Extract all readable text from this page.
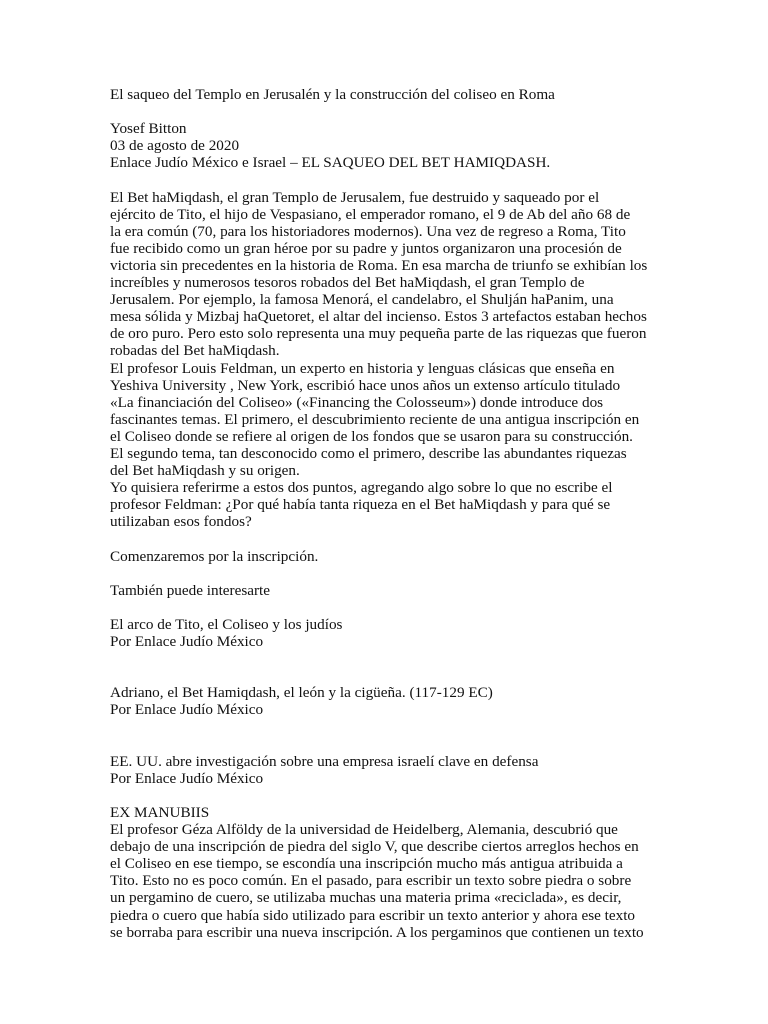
El saqueo del Templo en Jerusalén y la construcción del coliseo en Roma

Yosef Bitton
03 de agosto de 2020
Enlace Judío México e Israel – EL SAQUEO DEL BET HAMIQDASH.
El Bet haMiqdash, el gran Templo de Jerusalem, fue destruido y saqueado por el
ejército de Tito, el hijo de Vespasiano, el emperador romano, el 9 de Ab del año 68 de
la era común (70, para los historiadores modernos). Una vez de regreso a Roma, Tito
fue recibido como un gran héroe por su padre y juntos organizaron una procesión de
victoria sin precedentes en la historia de Roma. En esa marcha de triunfo se exhibían los
increíbles y numerosos tesoros robados del Bet haMiqdash, el gran Templo de
Jerusalem. Por ejemplo, la famosa Menorá, el candelabro, el Shulján haPanim, una
mesa sólida y Mizbaj haQuetoret, el altar del incienso. Estos 3 artefactos estaban hechos
de oro puro. Pero esto solo representa una muy pequeña parte de las riquezas que fueron
robadas del Bet haMiqdash.
El profesor Louis Feldman, un experto en historia y lenguas clásicas que enseña en
Yeshiva University , New York, escribió hace unos años un extenso artículo titulado
«La financiación del Coliseo» («Financing the Colosseum») donde introduce dos
fascinantes temas. El primero, el descubrimiento reciente de una antigua inscripción en
el Coliseo donde se refiere al origen de los fondos que se usaron para su construcción.
El segundo tema, tan desconocido como el primero, describe las abundantes riquezas
del Bet haMiqdash y su origen.
Yo quisiera referirme a estos dos puntos, agregando algo sobre lo que no escribe el
profesor Feldman: ¿Por qué había tanta riqueza en el Bet haMiqdash y para qué se
utilizaban esos fondos?

Comenzaremos por la inscripción.

También puede interesarte

El arco de Tito, el Coliseo y los judíos
Por Enlace Judío México
Adriano, el Bet Hamiqdash, el león y la cigüeña. (117-129 EC)
Por Enlace Judío México
EE. UU. abre investigación sobre una empresa israelí clave en defensa
Por Enlace Judío México

EX MANUBIIS

El profesor Géza Alföldy de la universidad de Heidelberg, Alemania, descubrió que
debajo de una inscripción de piedra del siglo V, que describe ciertos arreglos hechos en
el Coliseo en ese tiempo, se escondía una inscripción mucho más antigua atribuida a
Tito. Esto no es poco común. En el pasado, para escribir un texto sobre piedra o sobre
un pergamino de cuero, se utilizaba muchas una materia prima «reciclada», es decir,
piedra o cuero que había sido utilizado para escribir un texto anterior y ahora ese texto
se borraba para escribir una nueva inscripción. A los pergaminos que contienen un texto
